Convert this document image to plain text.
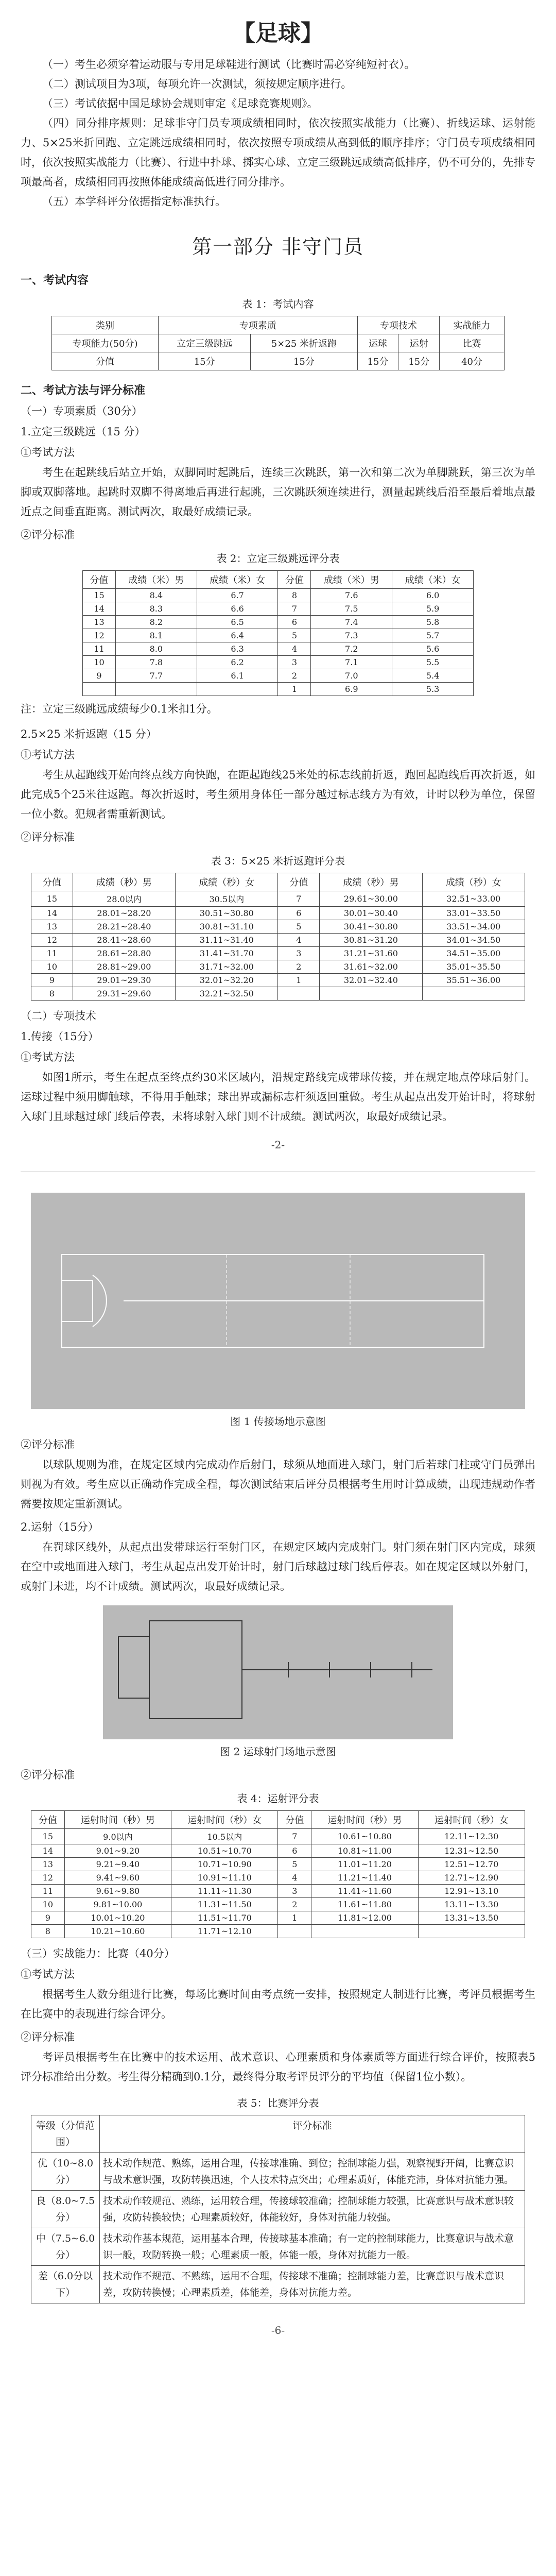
【足球】

（一）考生必须穿着运动服与专用足球鞋进行测试（比赛时需必穿纯短衬衣）。

（二）测试项目为3项，每项允许一次测试，须按规定顺序进行。

（三）考试依据中国足球协会规则审定《足球竞赛规则》。

（四）同分排序规则：足球非守门员专项成绩相同时，依次按照实战能力（比赛）、折线运球、运射能力、5×25米折回跑、立定跳远成绩相同时，依次按照专项成绩从高到低的顺序排序；守门员专项成绩相同时，依次按照实战能力（比赛）、行进中扑球、掷实心球、立定三级跳远成绩高低排序，仍不可分的，先排专项最高者，成绩相同再按照体能成绩高低进行同分排序。

（五）本学科评分依据指定标准执行。

第一部分 非守门员
一、考试内容
表 1：考试内容
类别	专项素质		专项技术		实战能力
专项能力(50分)	立定三级跳远	5×25 米折返跑	运球	运射	比赛
分值	15分	15分	15分	15分	40分
二、考试方法与评分标准
（一）专项素质（30分）
1.立定三级跳远（15 分）
①考试方法

考生在起跳线后站立开始，双脚同时起跳后，连续三次跳跃，第一次和第二次为单脚跳跃，第三次为单脚或双脚落地。起跳时双脚不得离地后再进行起跳，三次跳跃须连续进行，测量起跳线后沿至最后着地点最近点之间垂直距离。测试两次，取最好成绩记录。

②评分标准
表 2：立定三级跳远评分表
分值	成绩（米）男	成绩（米）女	分值	成绩（米）男	成绩（米）女
15	8.4	6.7	8	7.6	6.0
14	8.3	6.6	7	7.5	5.9
13	8.2	6.5	6	7.4	5.8
12	8.1	6.4	5	7.3	5.7
11	8.0	6.3	4	7.2	5.6
10	7.8	6.2	3	7.1	5.5
9	7.7	6.1	2	7.0	5.4
			1	6.9	5.3

注：立定三级跳远成绩每少0.1米扣1分。

2.5×25 米折返跑（15 分）
①考试方法

考生从起跑线开始向终点线方向快跑，在距起跑线25米处的标志线前折返，跑回起跑线后再次折返，如此完成5个25米往返跑。每次折返时，考生须用身体任一部分越过标志线方为有效，计时以秒为单位，保留一位小数。犯规者需重新测试。

②评分标准
表 3：5×25 米折返跑评分表
分值	成绩（秒）男	成绩（秒）女	分值	成绩（秒）男	成绩（秒）女
15	28.0以内	30.5以内	7	29.61~30.00	32.51~33.00
14	28.01~28.20	30.51~30.80	6	30.01~30.40	33.01~33.50
13	28.21~28.40	30.81~31.10	5	30.41~30.80	33.51~34.00
12	28.41~28.60	31.11~31.40	4	30.81~31.20	34.01~34.50
11	28.61~28.80	31.41~31.70	3	31.21~31.60	34.51~35.00
10	28.81~29.00	31.71~32.00	2	31.61~32.00	35.01~35.50
9	29.01~29.30	32.01~32.20	1	32.01~32.40	35.51~36.00
8	29.31~29.60	32.21~32.50			
（二）专项技术
1.传接（15分）
①考试方法

如图1所示，考生在起点至终点约30米区域内，沿规定路线完成带球传接，并在规定地点停球后射门。运球过程中须用脚触球，不得用手触球；球出界或漏标志杆须返回重做。考生从起点出发开始计时，将球射入球门且球越过球门线后停表，未将球射入球门则不计成绩。测试两次，取最好成绩记录。

-2-
图 1 传接场地示意图
②评分标准

以球队规则为准，在规定区域内完成动作后射门，球须从地面进入球门，射门后若球门柱或守门员弹出则视为有效。考生应以正确动作完成全程，每次测试结束后评分员根据考生用时计算成绩，出现违规动作者需要按规定重新测试。

2.运射（15分）

在罚球区线外，从起点出发带球运行至射门区，在规定区域内完成射门。射门须在射门区内完成，球须在空中或地面进入球门，考生从起点出发开始计时，射门后球越过球门线后停表。如在规定区域以外射门，或射门未进，均不计成绩。测试两次，取最好成绩记录。

图 2 运球射门场地示意图
②评分标准
表 4：运射评分表
分值	运射时间（秒）男	运射时间（秒）女	分值	运射时间（秒）男	运射时间（秒）女
15	9.0以内	10.5以内	7	10.61~10.80	12.11~12.30
14	9.01~9.20	10.51~10.70	6	10.81~11.00	12.31~12.50
13	9.21~9.40	10.71~10.90	5	11.01~11.20	12.51~12.70
12	9.41~9.60	10.91~11.10	4	11.21~11.40	12.71~12.90
11	9.61~9.80	11.11~11.30	3	11.41~11.60	12.91~13.10
10	9.81~10.00	11.31~11.50	2	11.61~11.80	13.11~13.30
9	10.01~10.20	11.51~11.70	1	11.81~12.00	13.31~13.50
8	10.21~10.60	11.71~12.10			
（三）实战能力：比赛（40分）
①考试方法

根据考生人数分组进行比赛，每场比赛时间由考点统一安排，按照规定人制进行比赛，考评员根据考生在比赛中的表现进行综合评分。

②评分标准

考评员根据考生在比赛中的技术运用、战术意识、心理素质和身体素质等方面进行综合评价，按照表5评分标准给出分数。考生得分精确到0.1分，最终得分取考评员评分的平均值（保留1位小数）。

表 5：比赛评分表
等级（分值范围）	评分标准
优（10~8.0分）	技术动作规范、熟练，运用合理，传接球准确、到位；控制球能力强，观察视野开阔，比赛意识与战术意识强，攻防转换迅速，个人技术特点突出；心理素质好，体能充沛，身体对抗能力强。
良（8.0~7.5分）	技术动作较规范、熟练，运用较合理，传接球较准确；控制球能力较强，比赛意识与战术意识较强，攻防转换较快；心理素质较好，体能较好，身体对抗能力较强。
中（7.5~6.0分）	技术动作基本规范，运用基本合理，传接球基本准确；有一定的控制球能力，比赛意识与战术意识一般，攻防转换一般；心理素质一般，体能一般，身体对抗能力一般。
差（6.0分以下）	技术动作不规范、不熟练，运用不合理，传接球不准确；控制球能力差，比赛意识与战术意识差，攻防转换慢；心理素质差，体能差，身体对抗能力差。
-6-
